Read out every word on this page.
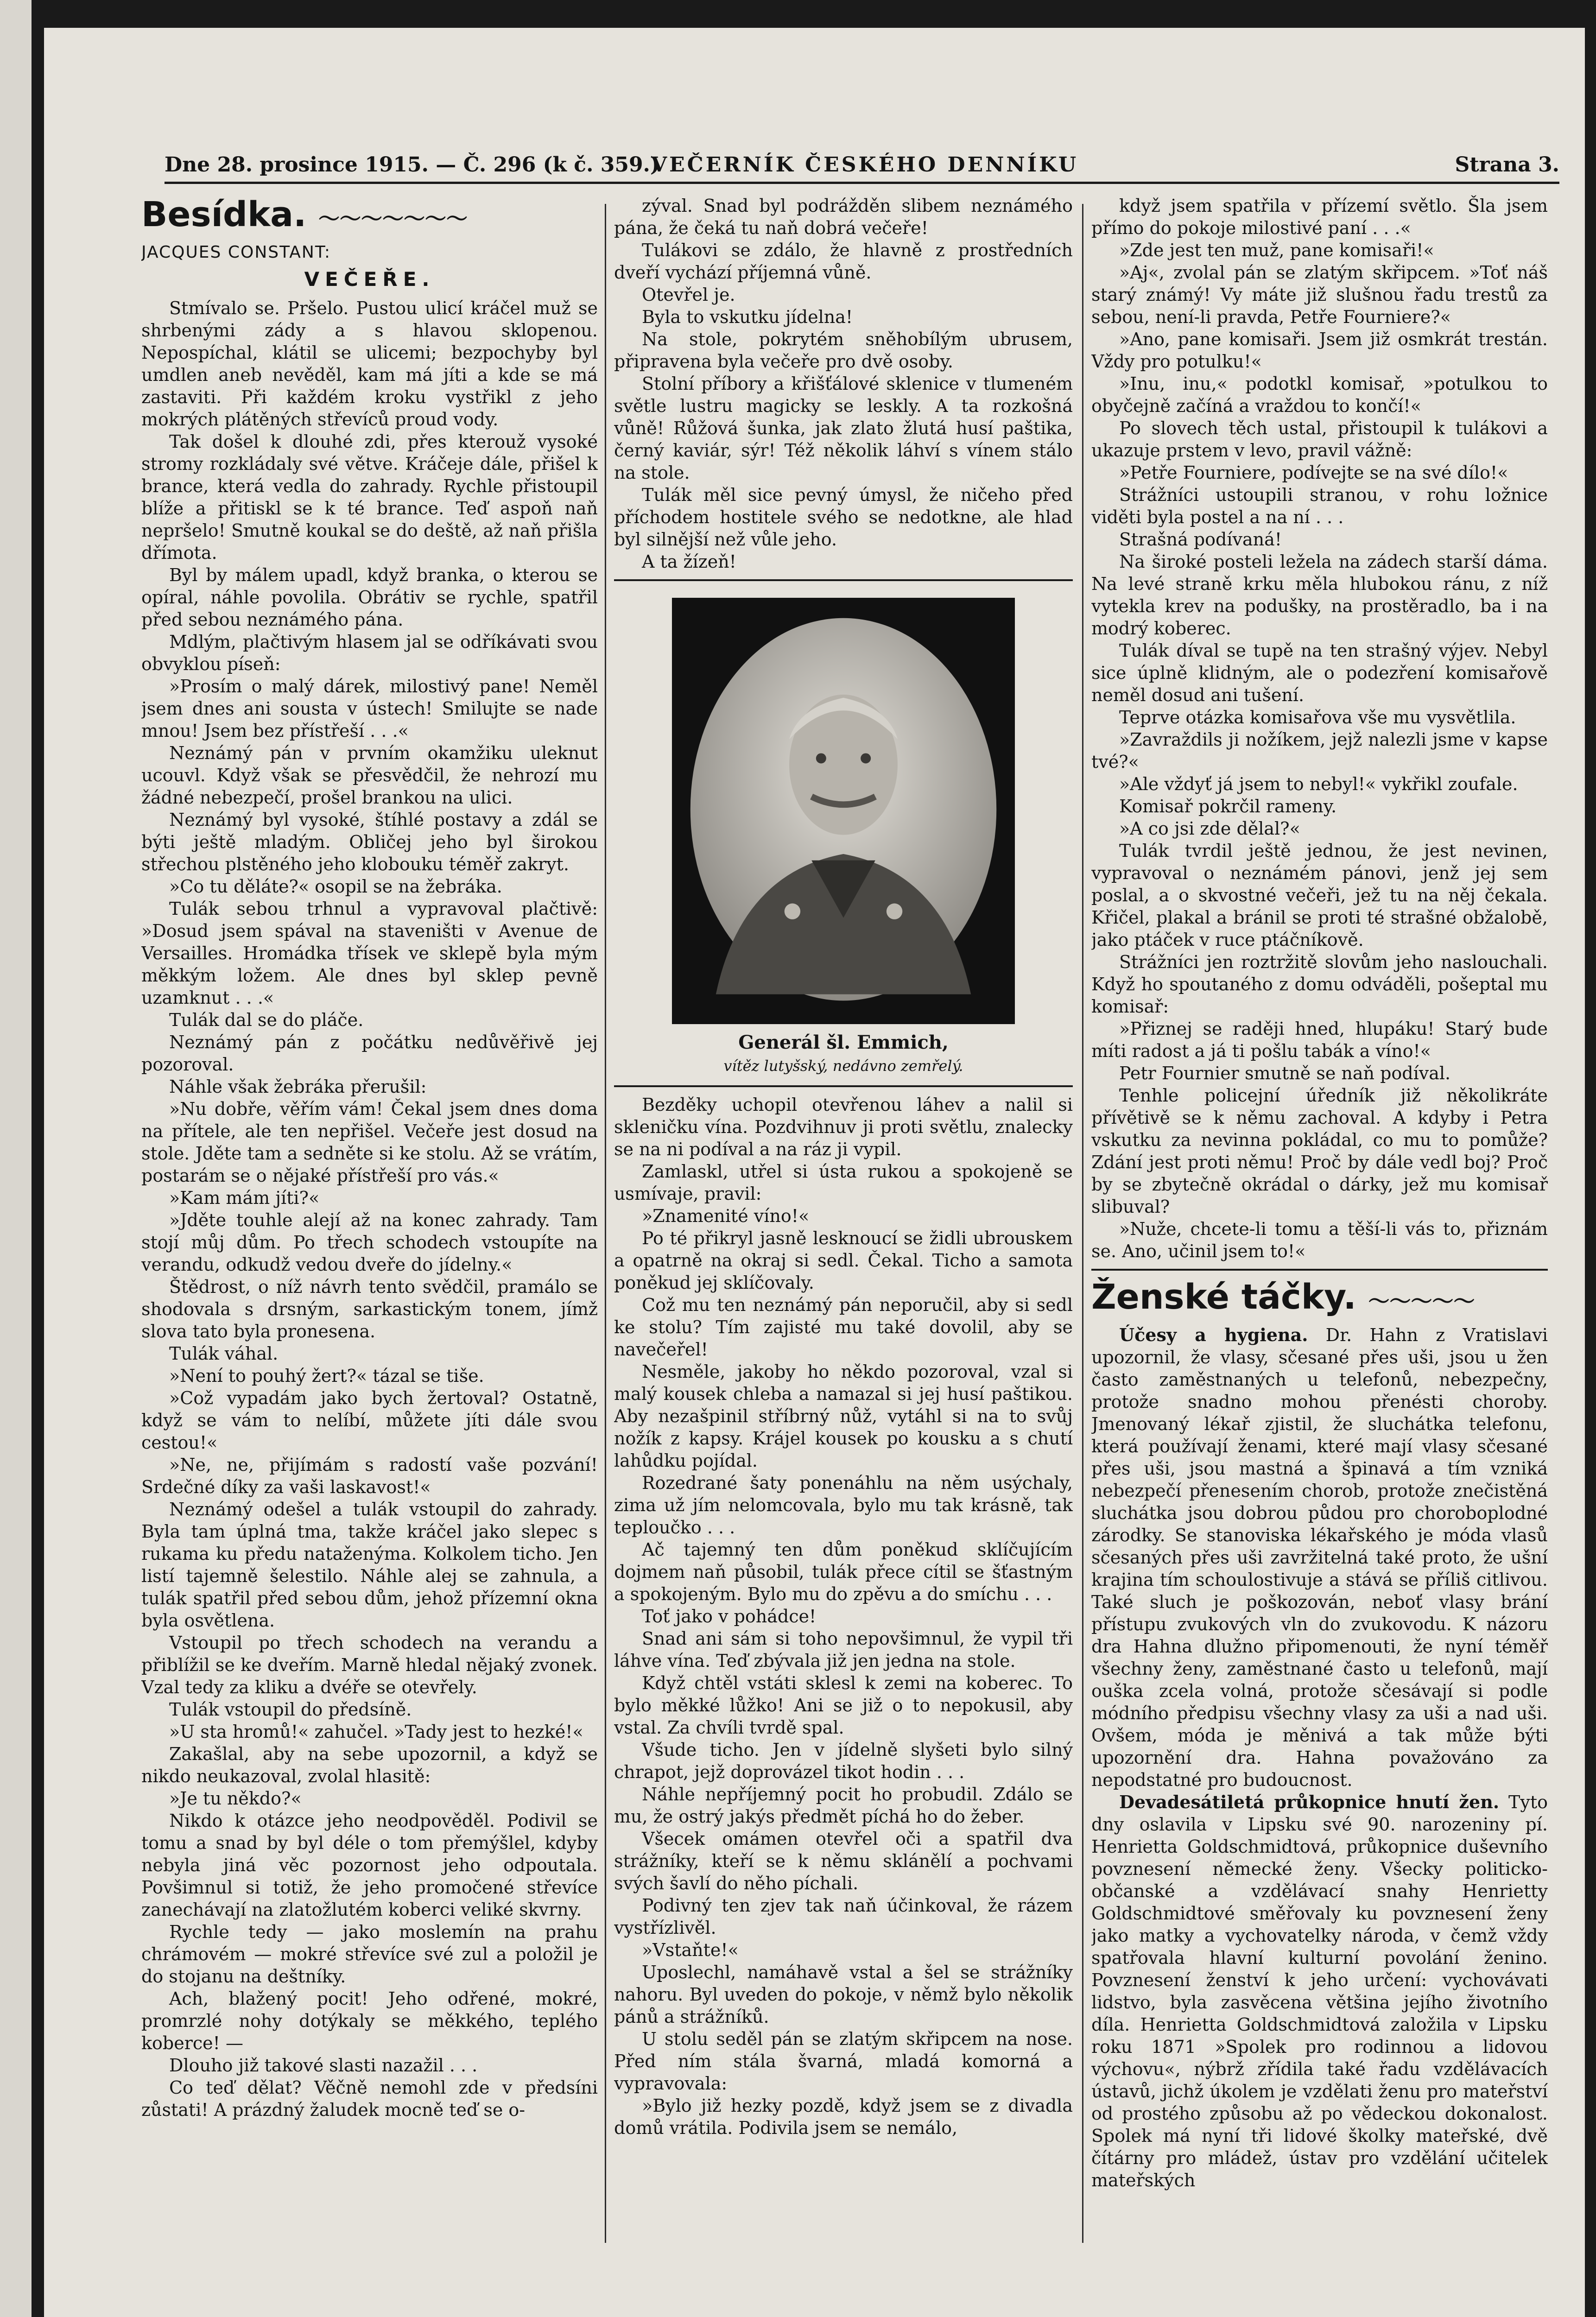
Dne 28. prosince 1915. — Č. 296 (k č. 359.)
VEČERNÍK ČESKÉHO DENNÍKU	Strana 3.
Besídka. ～～～～～～～
JACQUES CONSTANT:
VEČEŘE.

Stmívalo se. Pršelo. Pustou ulicí kráčel muž se shrbenými zády a s hlavou sklopenou. Nepospíchal, klátil se ulicemi; bezpochyby byl umdlen aneb nevěděl, kam má jíti a kde se má zastaviti. Při každém kroku vystřikl z jeho mokrých plátěných střevíců proud vody.

Tak došel k dlouhé zdi, přes kterouž vysoké stromy rozkládaly své větve. Kráčeje dále, přišel k brance, která vedla do zahrady. Rychle přistoupil blíže a přitiskl se k té brance. Teď aspoň naň nepršelo! Smutně koukal se do deště, až naň přišla dřímota.

Byl by málem upadl, když branka, o kterou se opíral, náhle povolila. Obrátiv se rychle, spatřil před sebou neznámého pána.

Mdlým, plačtivým hlasem jal se odříkávati svou obvyklou píseň:

»Prosím o malý dárek, milostivý pane! Neměl jsem dnes ani sousta v ústech! Smilujte se nade mnou! Jsem bez přístřeší . . .«

Neznámý pán v prvním okamžiku uleknut ucouvl. Když však se přesvědčil, že nehrozí mu žádné nebezpečí, prošel brankou na ulici.

Neznámý byl vysoké, štíhlé postavy a zdál se býti ještě mladým. Obličej jeho byl širokou střechou plstěného jeho klobouku téměř zakryt.

»Co tu děláte?« osopil se na žebráka.

Tulák sebou trhnul a vypravoval plačtivě: »Dosud jsem spával na staveništi v Avenue de Versailles. Hromádka třísek ve sklepě byla mým měkkým ložem. Ale dnes byl sklep pevně uzamknut . . .«

Tulák dal se do pláče.

Neznámý pán z počátku nedůvěřivě jej pozoroval.

Náhle však žebráka přerušil:

»Nu dobře, věřím vám! Čekal jsem dnes doma na přítele, ale ten nepřišel. Večeře jest dosud na stole. Jděte tam a sedněte si ke stolu. Až se vrátím, postarám se o nějaké přístřeší pro vás.«

»Kam mám jíti?«

»Jděte touhle alejí až na konec zahrady. Tam stojí můj dům. Po třech schodech vstoupíte na verandu, odkudž vedou dveře do jídelny.«

Štědrost, o níž návrh tento svědčil, pramálo se shodovala s drsným, sarkastickým tonem, jímž slova tato byla pronesena.

Tulák váhal.

»Není to pouhý žert?« tázal se tiše.

»Což vypadám jako bych žertoval? Ostatně, když se vám to nelíbí, můžete jíti dále svou cestou!«

»Ne, ne, přijímám s radostí vaše pozvání! Srdečné díky za vaši laskavost!«

Neznámý odešel a tulák vstoupil do zahrady. Byla tam úplná tma, takže kráčel jako slepec s rukama ku předu nataženýma. Kolkolem ticho. Jen listí tajemně šelestilo. Náhle alej se zahnula, a tulák spatřil před sebou dům, jehož přízemní okna byla osvětlena.

Vstoupil po třech schodech na verandu a přiblížil se ke dveřím. Marně hledal nějaký zvonek. Vzal tedy za kliku a dvéře se otevřely.

Tulák vstoupil do předsíně.

»U sta hromů!« zahučel. »Tady jest to hezké!«

Zakašlal, aby na sebe upozornil, a když se nikdo neukazoval, zvolal hlasitě:

»Je tu někdo?«

Nikdo k otázce jeho neodpověděl. Podivil se tomu a snad by byl déle o tom přemýšlel, kdyby nebyla jiná věc pozornost jeho odpoutala. Povšimnul si totiž, že jeho promočené střevíce zanechávají na zlatožlutém koberci veliké skvrny.

Rychle tedy — jako moslemín na prahu chrámovém — mokré střevíce své zul a položil je do stojanu na deštníky.

Ach, blažený pocit! Jeho odřené, mokré, promrzlé nohy dotýkaly se měkkého, teplého koberce! —

Dlouho již takové slasti nazažil . . .

Co teď dělat? Věčně nemohl zde v předsíni zůstati! A prázdný žaludek mocně teď se o-

zýval. Snad byl podrážděn slibem neznámého pána, že čeká tu naň dobrá večeře!

Tulákovi se zdálo, že hlavně z prostředních dveří vychází příjemná vůně.

Otevřel je.

Byla to vskutku jídelna!

Na stole, pokrytém sněhobílým ubrusem, připravena byla večeře pro dvě osoby.

Stolní příbory a křišťálové sklenice v tlumeném světle lustru magicky se leskly. A ta rozkošná vůně! Růžová šunka, jak zlato žlutá husí paštika, černý kaviár, sýr! Též několik láhví s vínem stálo na stole.

Tulák měl sice pevný úmysl, že ničeho před příchodem hostitele svého se nedotkne, ale hlad byl silnější než vůle jeho.

A ta žízeň!

Generál šl. Emmich,
vítěz lutyšský, nedávno zemřelý.

Bezděky uchopil otevřenou láhev a nalil si skleničku vína. Pozdvihnuv ji proti světlu, znalecky se na ni podíval a na ráz ji vypil.

Zamlaskl, utřel si ústa rukou a spokojeně se usmívaje, pravil:

»Znamenité víno!«

Po té přikryl jasně lesknoucí se židli ubrouskem a opatrně na okraj si sedl. Čekal. Ticho a samota poněkud jej sklíčovaly.

Což mu ten neznámý pán neporučil, aby si sedl ke stolu? Tím zajisté mu také dovolil, aby se navečeřel!

Nesměle, jakoby ho někdo pozoroval, vzal si malý kousek chleba a namazal si jej husí paštikou. Aby nezašpinil stříbrný nůž, vytáhl si na to svůj nožík z kapsy. Krájel kousek po kousku a s chutí lahůdku pojídal.

Rozedrané šaty ponenáhlu na něm usýchaly, zima už jím nelomcovala, bylo mu tak krásně, tak teploučko . . .

Ač tajemný ten dům poněkud sklíčujícím dojmem naň působil, tulák přece cítil se šťastným a spokojeným. Bylo mu do zpěvu a do smíchu . . .

Toť jako v pohádce!

Snad ani sám si toho nepovšimnul, že vypil tři láhve vína. Teď zbývala již jen jedna na stole.

Když chtěl vstáti sklesl k zemi na koberec. To bylo měkké lůžko! Ani se již o to nepokusil, aby vstal. Za chvíli tvrdě spal.

Všude ticho. Jen v jídelně slyšeti bylo silný chrapot, jejž doprovázel tikot hodin . . .

Náhle nepříjemný pocit ho probudil. Zdálo se mu, že ostrý jakýs předmět píchá ho do žeber.

Všecek omámen otevřel oči a spatřil dva strážníky, kteří se k němu sklánělí a pochvami svých šavlí do něho píchali.

Podivný ten zjev tak naň účinkoval, že rázem vystřízlivěl.

»Vstaňte!«

Uposlechl, namáhavě vstal a šel se strážníky nahoru. Byl uveden do pokoje, v němž bylo několik pánů a strážníků.

U stolu seděl pán se zlatým skřipcem na nose. Před ním stála švarná, mladá komorná a vypravovala:

»Bylo již hezky pozdě, když jsem se z divadla domů vrátila. Podivila jsem se nemálo,

když jsem spatřila v přízemí světlo. Šla jsem přímo do pokoje milostivé paní . . .«

»Zde jest ten muž, pane komisaři!«

»Aj«, zvolal pán se zlatým skřipcem. »Toť náš starý známý! Vy máte již slušnou řadu trestů za sebou, není-li pravda, Petře Fourniere?«

»Ano, pane komisaři. Jsem již osmkrát trestán. Vždy pro potulku!«

»Inu, inu,« podotkl komisař, »potulkou to obyčejně začíná a vraždou to končí!«

Po slovech těch ustal, přistoupil k tulákovi a ukazuje prstem v levo, pravil vážně:

»Petře Fourniere, podívejte se na své dílo!«

Strážníci ustoupili stranou, v rohu ložnice viděti byla postel a na ní . . .

Strašná podívaná!

Na široké posteli ležela na zádech starší dáma. Na levé straně krku měla hlubokou ránu, z níž vytekla krev na podušky, na prostěradlo, ba i na modrý koberec.

Tulák díval se tupě na ten strašný výjev. Nebyl sice úplně klidným, ale o podezření komisařově neměl dosud ani tušení.

Teprve otázka komisařova vše mu vysvětlila.

»Zavraždils ji nožíkem, jejž nalezli jsme v kapse tvé?«

»Ale vždyť já jsem to nebyl!« vykřikl zoufale.

Komisař pokrčil rameny.

»A co jsi zde dělal?«

Tulák tvrdil ještě jednou, že jest nevinen, vypravoval o neznámém pánovi, jenž jej sem poslal, a o skvostné večeři, jež tu na něj čekala. Křičel, plakal a bránil se proti té strašné obžalobě, jako ptáček v ruce ptáčníkově.

Strážníci jen roztržitě slovům jeho naslouchali. Když ho spoutaného z domu odváděli, pošeptal mu komisař:

»Přiznej se raději hned, hlupáku! Starý bude míti radost a já ti pošlu tabák a víno!«

Petr Fournier smutně se naň podíval.

Tenhle policejní úředník již několikráte přívětivě se k němu zachoval. A kdyby i Petra vskutku za nevinna pokládal, co mu to pomůže? Zdání jest proti němu! Proč by dále vedl boj? Proč by se zbytečně okrádal o dárky, jež mu komisař slibuval?

»Nuže, chcete-li tomu a těší-li vás to, přiznám se. Ano, učinil jsem to!«

Ženské táčky. ～～～～～

Účesy a hygiena. Dr. Hahn z Vratislavi upozornil, že vlasy, sčesané přes uši, jsou u žen často zaměstnaných u telefonů, nebezpečny, protože snadno mohou přenésti choroby. Jmenovaný lékař zjistil, že sluchátka telefonu, která používají ženami, které mají vlasy sčesané přes uši, jsou mastná a špinavá a tím vzniká nebezpečí přenesením chorob, protože znečistěná sluchátka jsou dobrou půdou pro choroboplodné zárodky. Se stanoviska lékařského je móda vlasů sčesaných přes uši zavržitelná také proto, že ušní krajina tím schoulostivuje a stává se příliš citlivou. Také sluch je poškozován, neboť vlasy brání přístupu zvukových vln do zvukovodu. K názoru dra Hahna dlužno připomenouti, že nyní téměř všechny ženy, zaměstnané často u telefonů, mají ouška zcela volná, protože sčesávají si podle módního předpisu všechny vlasy za uši a nad uši. Ovšem, móda je měnivá a tak může býti upozornění dra. Hahna považováno za nepodstatné pro budoucnost.

Devadesátiletá průkopnice hnutí žen. Tyto dny oslavila v Lipsku své 90. narozeniny pí. Henrietta Goldschmidtová, průkopnice duševního povznesení německé ženy. Všecky politicko-občanské a vzdělávací snahy Henrietty Goldschmidtové směřovaly ku povznesení ženy jako matky a vychovatelky národa, v čemž vždy spatřovala hlavní kulturní povolání ženino. Povznesení ženství k jeho určení: vychovávati lidstvo, byla zasvěcena většina jejího životního díla. Henrietta Goldschmidtová založila v Lipsku roku 1871 »Spolek pro rodinnou a lidovou výchovu«, nýbrž zřídila také řadu vzdělávacích ústavů, jichž úkolem je vzdělati ženu pro mateřství od prostého způsobu až po vědeckou dokonalost. Spolek má nyní tři lidové školky mateřské, dvě čítárny pro mládež, ústav pro vzdělání učitelek mateřských
